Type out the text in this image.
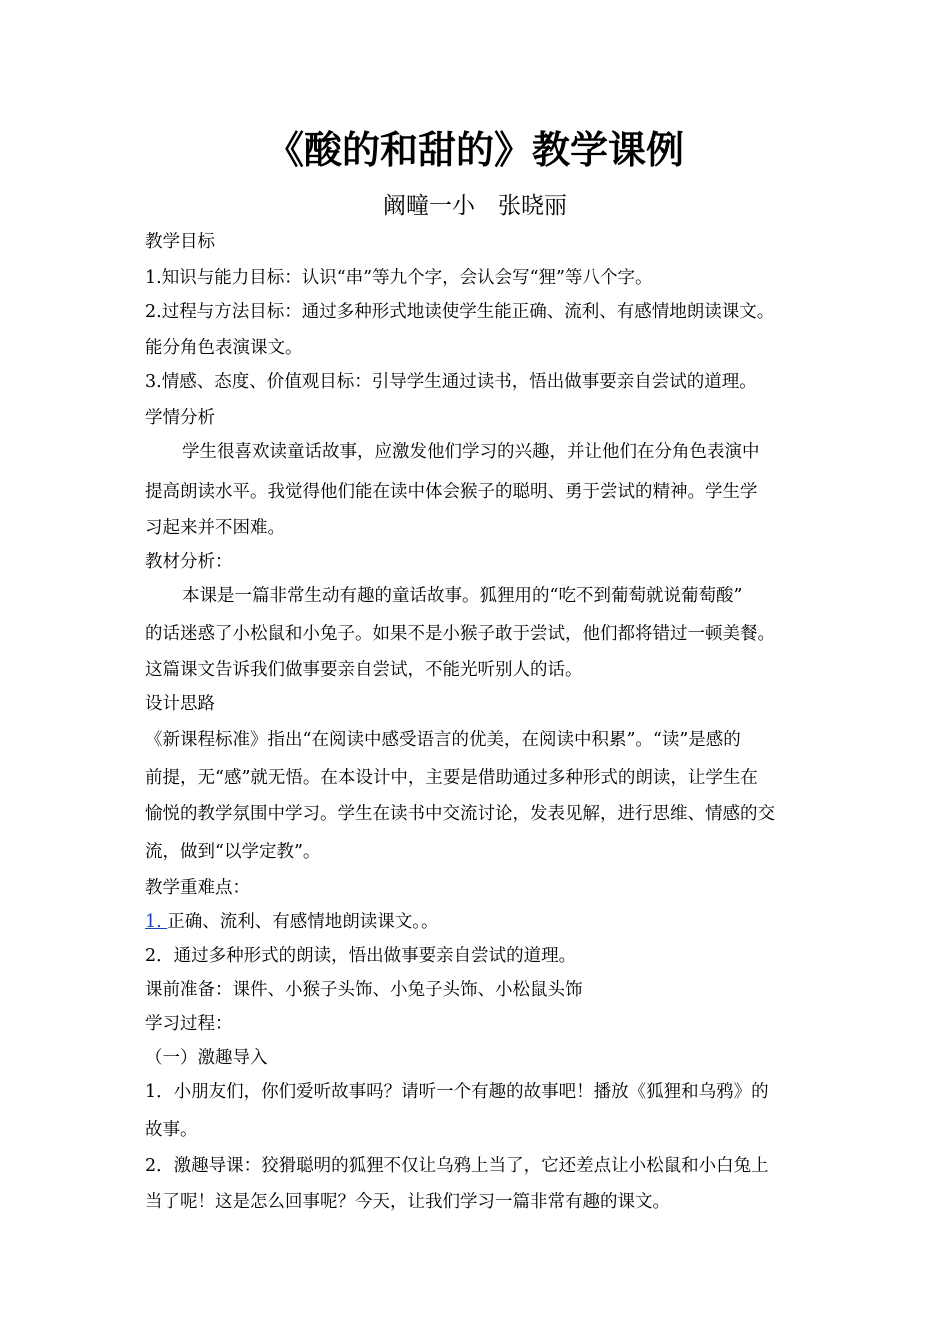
《酸的和甜的》教学课例
阚疃一小　张晓丽
教学目标
1.知识与能力目标：认识“串”等九个字，会认会写“狸”等八个字。
2.过程与方法目标：通过多种形式地读使学生能正确、流利、有感情地朗读课文。
能分角色表演课文。
3.情感、态度、价值观目标：引导学生通过读书，悟出做事要亲自尝试的道理。
学情分析
学生很喜欢读童话故事，应激发他们学习的兴趣，并让他们在分角色表演中
提高朗读水平。我觉得他们能在读中体会猴子的聪明、勇于尝试的精神。学生学
习起来并不困难。
教材分析：
本课是一篇非常生动有趣的童话故事。狐狸用的“吃不到葡萄就说葡萄酸”
的话迷惑了小松鼠和小兔子。如果不是小猴子敢于尝试，他们都将错过一顿美餐。
这篇课文告诉我们做事要亲自尝试，不能光听别人的话。
设计思路
《新课程标准》指出“在阅读中感受语言的优美，在阅读中积累”。“读”是感的
前提，无“感”就无悟。在本设计中，主要是借助通过多种形式的朗读，让学生在
愉悦的教学氛围中学习。学生在读书中交流讨论，发表见解，进行思维、情感的交
流，做到“以学定教”。
教学重难点：
1. 正确、流利、有感情地朗读课文。。
2．通过多种形式的朗读，悟出做事要亲自尝试的道理。
课前准备：课件、小猴子头饰、小兔子头饰、小松鼠头饰
学习过程：
（一）激趣导入
1．小朋友们，你们爱听故事吗？请听一个有趣的故事吧！播放《狐狸和乌鸦》的
故事。
2．激趣导课：狡猾聪明的狐狸不仅让乌鸦上当了，它还差点让小松鼠和小白兔上
当了呢！这是怎么回事呢？今天，让我们学习一篇非常有趣的课文。
